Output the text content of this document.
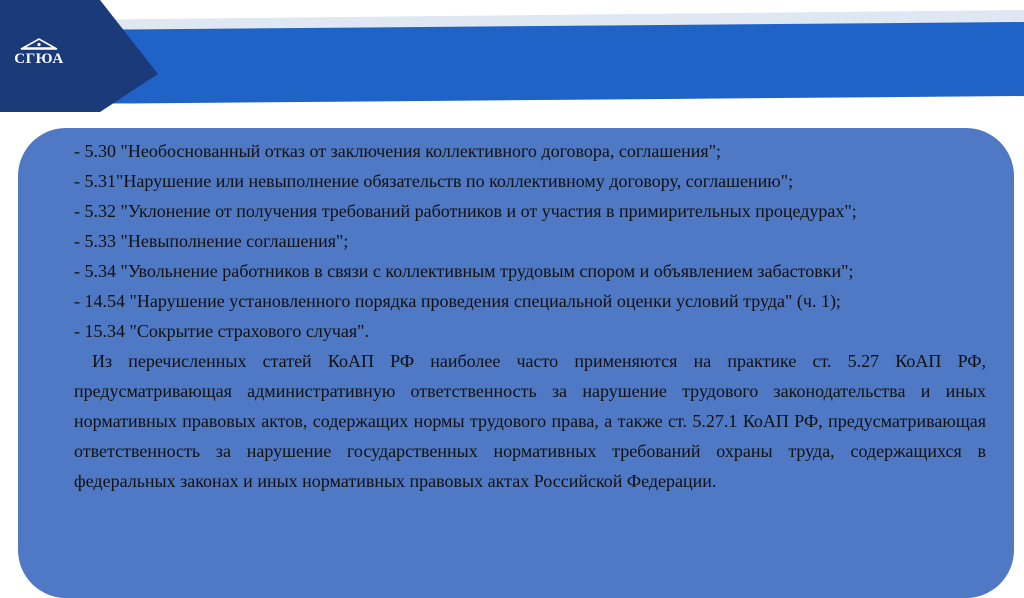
СГЮА

- 5.30 "Необоснованный отказ от заключения коллективного договора, соглашения";

- 5.31"Нарушение или невыполнение обязательств по коллективному договору, соглашению";

- 5.32 "Уклонение от получения требований работников и от участия в примирительных процедурах";

- 5.33 "Невыполнение соглашения";

- 5.34 "Увольнение работников в связи с коллективным трудовым спором и объявлением забастовки";

- 14.54 "Нарушение установленного порядка проведения специальной оценки условий труда" (ч. 1);

- 15.34 "Сокрытие страхового случая".

Из перечисленных статей КоАП РФ наиболее часто применяются на практике ст. 5.27 КоАП РФ, предусматривающая административную ответственность за нарушение трудового законодательства и иных нормативных правовых актов, содержащих нормы трудового права, а также ст. 5.27.1 КоАП РФ, предусматривающая ответственность за нарушение государственных нормативных требований охраны труда, содержащихся в федеральных законах и иных нормативных правовых актах Российской Федерации.
